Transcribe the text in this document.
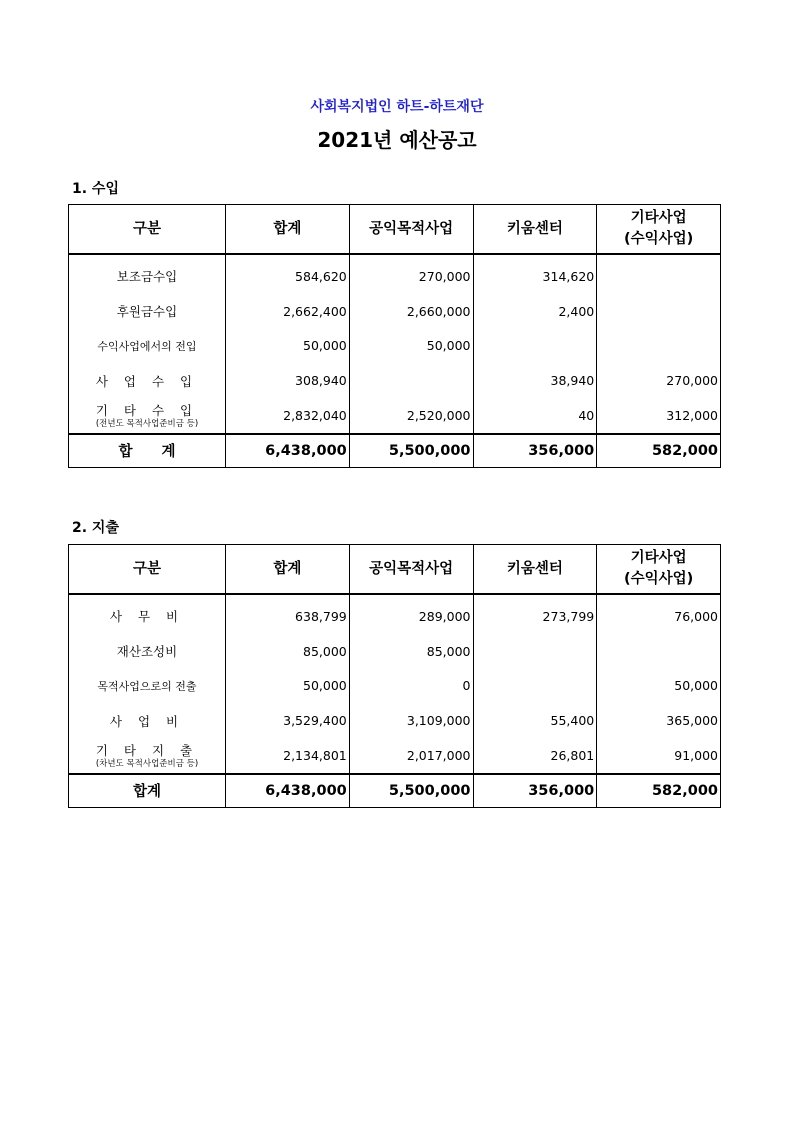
사회복지법인 하트-하트재단
2021년 예산공고
1. 수입
구분	합계	공익목적사업	키움센터	기타사업
(수익사업)

보조금수입	584,620	270,000	314,620	
후원금수입	2,662,400	2,660,000	2,400	
수익사업에서의 전입	50,000	50,000		
사 업 수 입	308,940		38,940	270,000

기 타 수 입
(전년도 목적사업준비금 등)	2,832,040	2,520,000	40	312,000
합　　계	6,438,000	5,500,000	356,000	582,000
2. 지출
구분	합계	공익목적사업	키움센터	기타사업
(수익사업)

사 무 비	638,799	289,000	273,799	76,000
재산조성비	85,000	85,000		
목적사업으로의 전출	50,000	0		50,000
사 업 비	3,529,400	3,109,000	55,400	365,000

기 타 지 출
(차년도 목적사업준비금 등)	2,134,801	2,017,000	26,801	91,000
합계	6,438,000	5,500,000	356,000	582,000
